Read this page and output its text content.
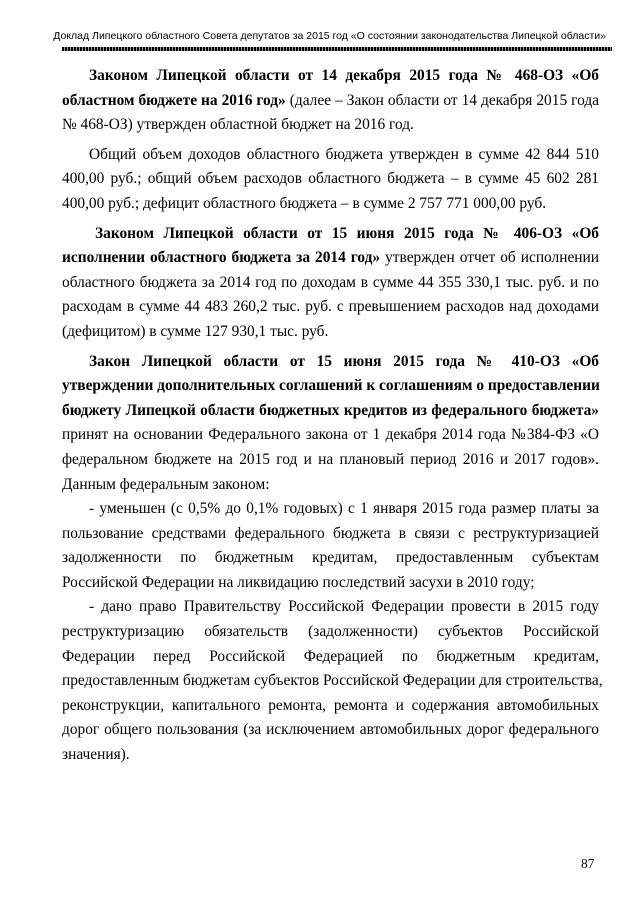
Доклад Липецкого областного Совета депутатов за 2015 год «О состоянии законодательства Липецкой области»
Законом Липецкой области от 14 декабря 2015 года № 468-ОЗ «Об
областном бюджете на 2016 год» (далее – Закон области от 14 декабря 2015 года
№ 468-ОЗ) утвержден областной бюджет на 2016 год.
Общий объем доходов областного бюджета утвержден в сумме 42 844 510
400,00 руб.; общий объем расходов областного бюджета – в сумме 45 602 281
400,00 руб.; дефицит областного бюджета – в сумме 2 757 771 000,00 руб.
Законом Липецкой области от 15 июня 2015 года № 406-ОЗ «Об
исполнении областного бюджета за 2014 год» утвержден отчет об исполнении
областного бюджета за 2014 год по доходам в сумме 44 355 330,1 тыс. руб. и по
расходам в сумме 44 483 260,2 тыс. руб. с превышением расходов над доходами
(дефицитом) в сумме 127 930,1 тыс. руб.
Закон Липецкой области от 15 июня 2015 года № 410-ОЗ «Об
утверждении дополнительных соглашений к соглашениям о предоставлении
бюджету Липецкой области бюджетных кредитов из федерального бюджета»
принят на основании Федерального закона от 1 декабря 2014 года №384-ФЗ «О
федеральном бюджете на 2015 год и на плановый период 2016 и 2017 годов».
Данным федеральным законом:
- уменьшен (с 0,5% до 0,1% годовых) с 1 января 2015 года размер платы за
пользование средствами федерального бюджета в связи с реструктуризацией
задолженности по бюджетным кредитам, предоставленным субъектам
Российской Федерации на ликвидацию последствий засухи в 2010 году;
- дано право Правительству Российской Федерации провести в 2015 году
реструктуризацию обязательств (задолженности) субъектов Российской
Федерации перед Российской Федерацией по бюджетным кредитам,
предоставленным бюджетам субъектов Российской Федерации для строительства,
реконструкции, капитального ремонта, ремонта и содержания автомобильных
дорог общего пользования (за исключением автомобильных дорог федерального
значения).
87
